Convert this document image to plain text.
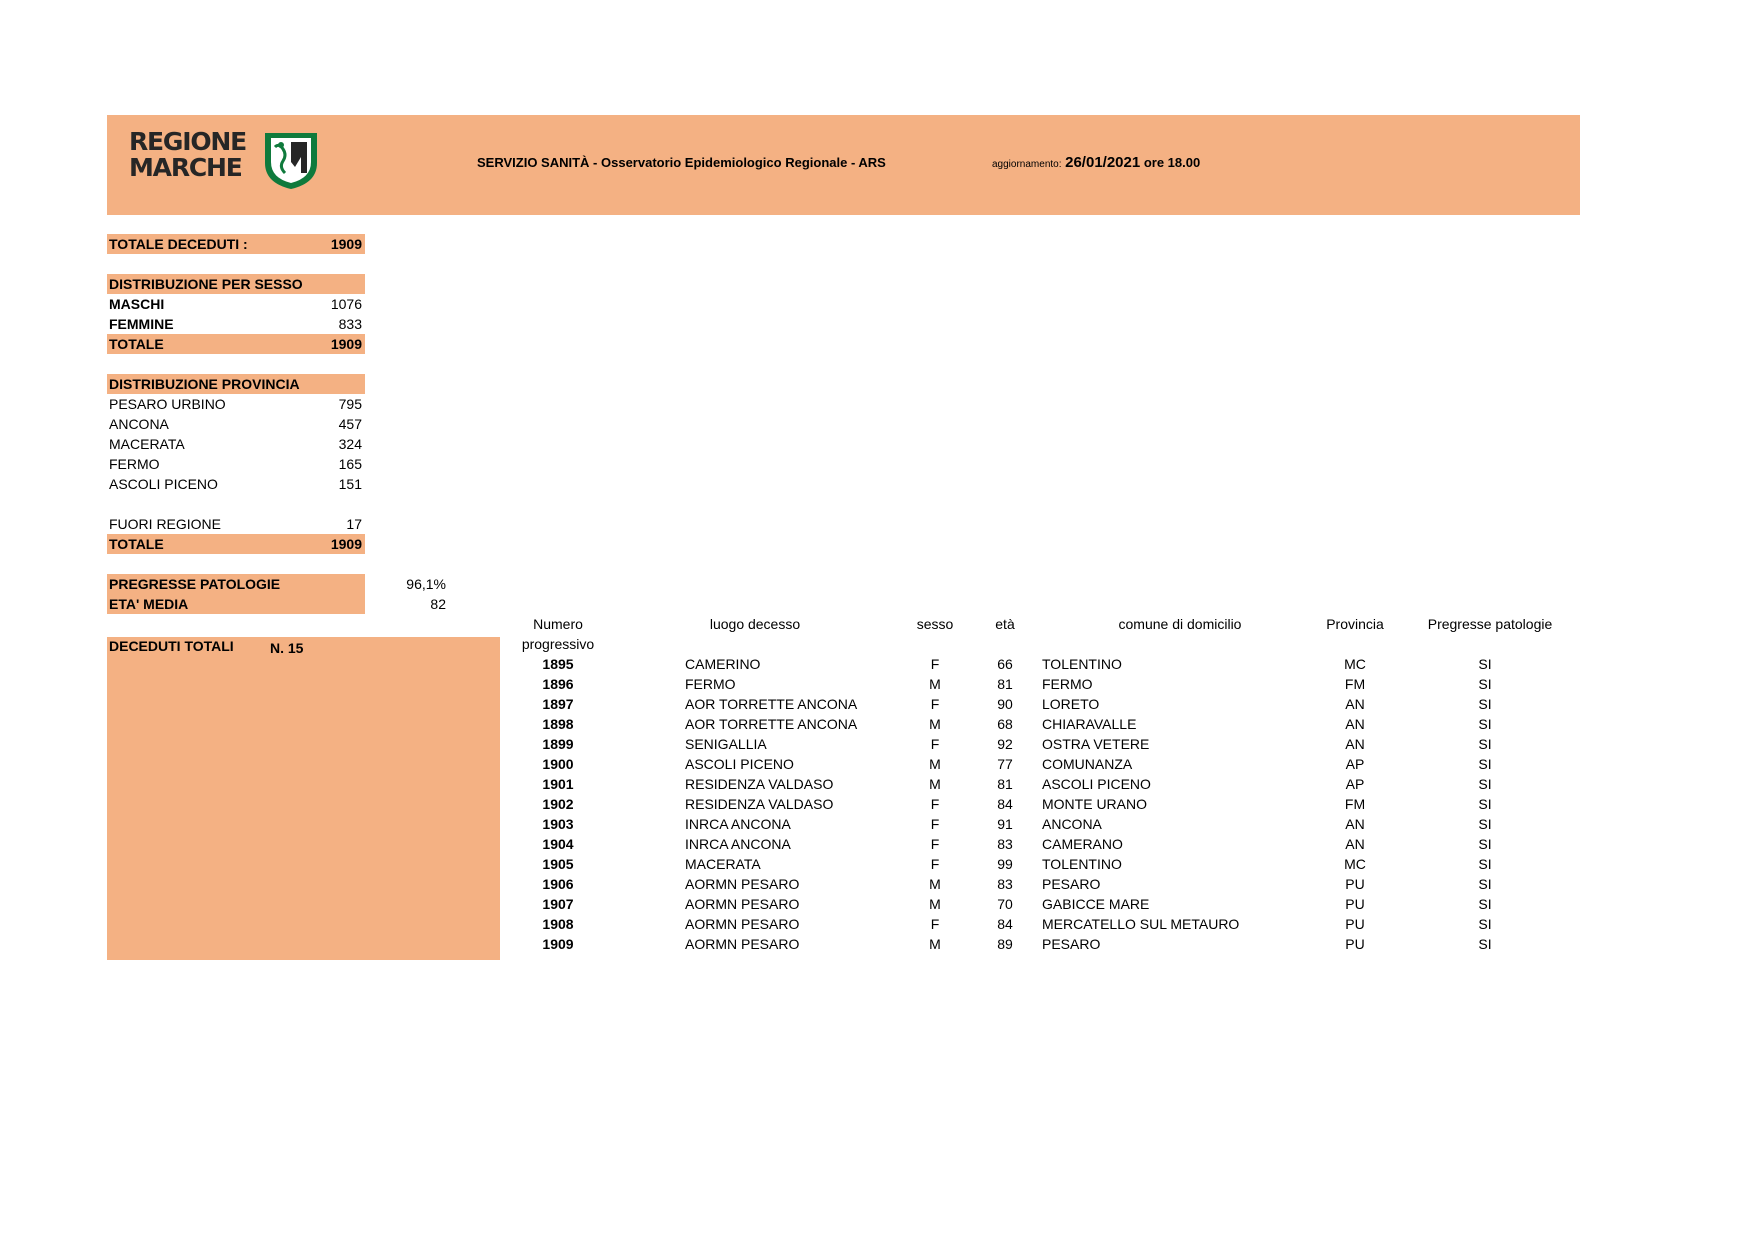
REGIONE
MARCHE	SERVIZIO SANITÀ - Osservatorio Epidemiologico Regionale - ARS	aggiornamento: 26/01/2021 ore 18.00
TOTALE DECEDUTI :	1909
DISTRIBUZIONE PER SESSO
MASCHI	1076
FEMMINE	833
TOTALE	1909
DISTRIBUZIONE PROVINCIA
PESARO URBINO	795
ANCONA	457
MACERATA	324
FERMO	165
ASCOLI PICENO	151
FUORI REGIONE	17
TOTALE	1909
PREGRESSE PATOLOGIE	96,1%
ETA' MEDIA	82
DECEDUTI TOTALI	N. 15
Numero
progressivo
luogo decesso	sesso	età	comune di domicilio	Provincia	Pregresse patologie
1895	CAMERINO	F	66	TOLENTINO	MC	SI
1896	FERMO	M	81	FERMO	FM	SI
1897	AOR TORRETTE ANCONA	F	90	LORETO	AN	SI
1898	AOR TORRETTE ANCONA	M	68	CHIARAVALLE	AN	SI
1899	SENIGALLIA	F	92	OSTRA VETERE	AN	SI
1900	ASCOLI PICENO	M	77	COMUNANZA	AP	SI
1901	RESIDENZA VALDASO	M	81	ASCOLI PICENO	AP	SI
1902	RESIDENZA VALDASO	F	84	MONTE URANO	FM	SI
1903	INRCA ANCONA	F	91	ANCONA	AN	SI
1904	INRCA ANCONA	F	83	CAMERANO	AN	SI
1905	MACERATA	F	99	TOLENTINO	MC	SI
1906	AORMN PESARO	M	83	PESARO	PU	SI
1907	AORMN PESARO	M	70	GABICCE MARE	PU	SI
1908	AORMN PESARO	F	84	MERCATELLO SUL METAURO	PU	SI
1909	AORMN PESARO	M	89	PESARO	PU	SI
